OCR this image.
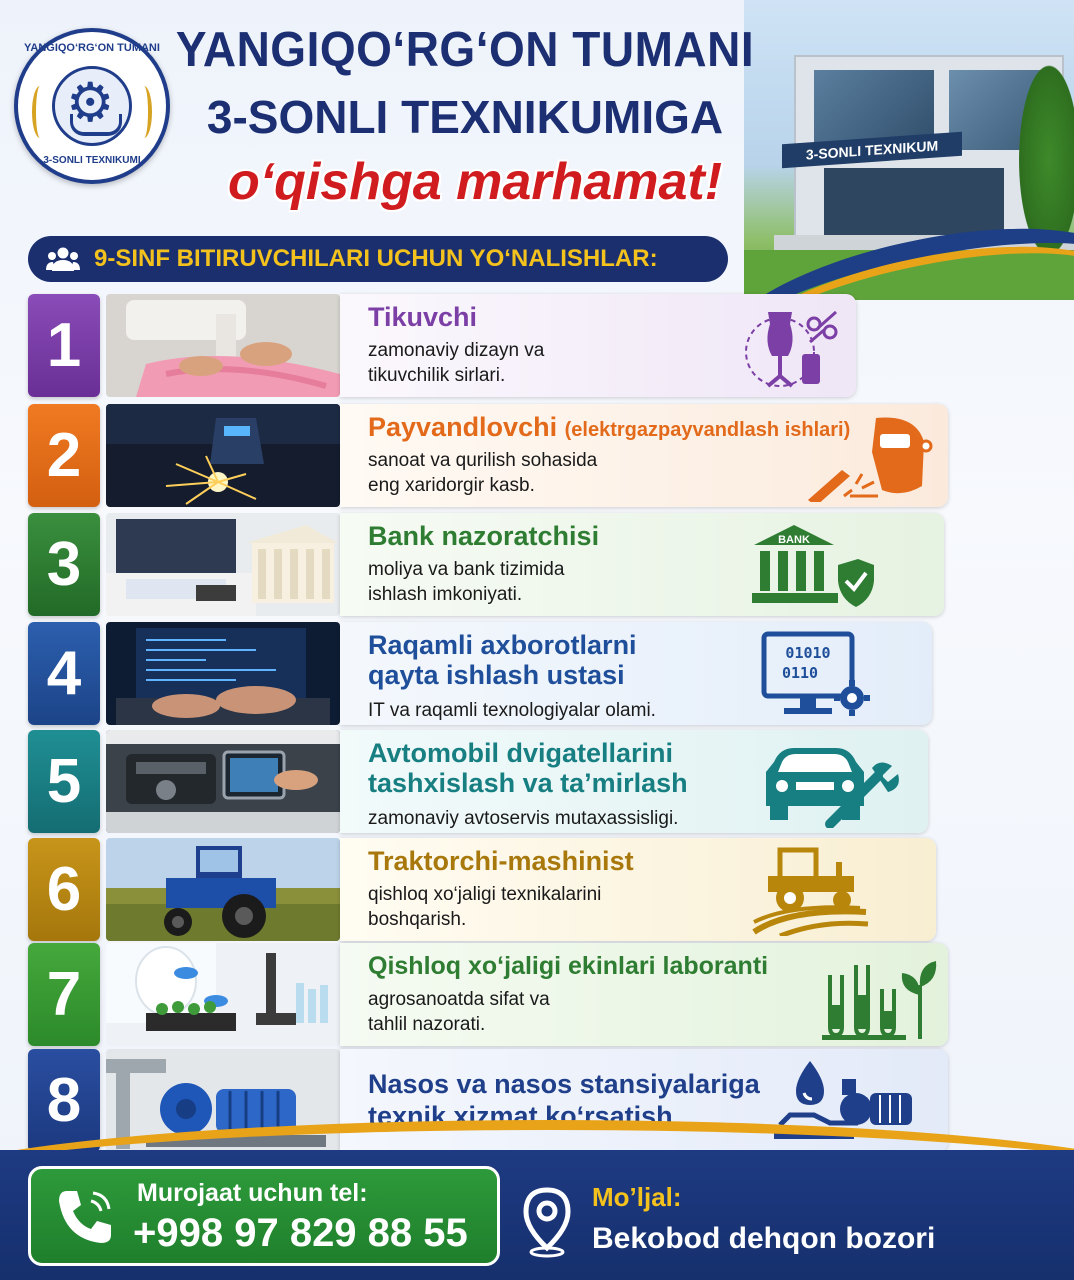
3-SONLI TEXNIKUM
YANGIQO‘RG‘ON TUMANI
⚙
3-SONLI TEXNIKUMI
YANGIQO‘RG‘ON TUMANI
3-SONLI TEXNIKUMIGA
o‘qishga marhamat!
9-SINF BITIRUVCHILARI UCHUN YO‘NALISHLAR:
1	Tikuvchi
zamonaviy dizayn va
tikuvchilik sirlari.
2	Payvandlovchi (elektrgazpayvandlash ishlari)
sanoat va qurilish sohasida
eng xaridorgir kasb.
3	Bank nazoratchisi
moliya va bank tizimida
ishlash imkoniyati.
BANK
4	Raqamli axborotlarni
qayta ishlash ustasi
IT va raqamli texnologiyalar olami.
01010
0110
5	Avtomobil dvigatellarini
tashxislash va ta’mirlash
zamonaviy avtoservis mutaxassisligi.
6	Traktorchi-mashinist
qishloq xo‘jaligi texnikalarini
boshqarish.
7	Qishloq xo‘jaligi ekinlari laboranti
agrosanoatda sifat va
tahlil nazorati.
8	Nasos va nasos stansiyalariga
texnik xizmat ko‘rsatish
Murojaat uchun tel:
+998 97 829 88 55
Mo’ljal:
Bekobod dehqon bozori
